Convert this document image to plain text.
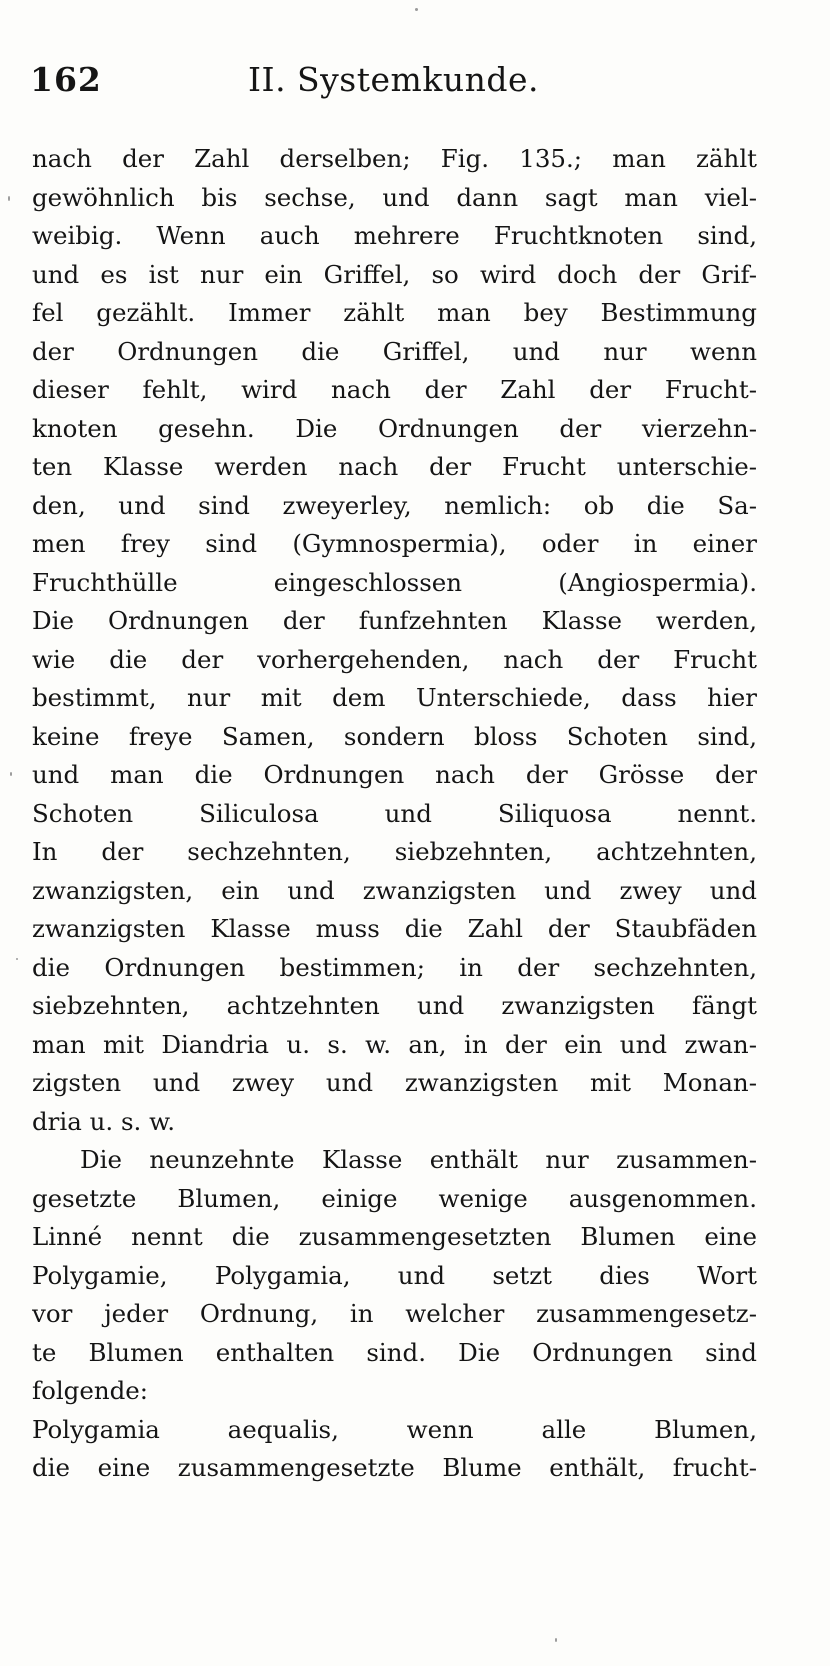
162	II. Systemkunde.
nach der Zahl derselben; Fig. 135.; man zählt
gewöhnlich bis sechse, und dann sagt man viel-
weibig. Wenn auch mehrere Fruchtknoten sind,
und es ist nur ein Griffel, so wird doch der Grif-
fel gezählt. Immer zählt man bey Bestimmung
der Ordnungen die Griffel, und nur wenn
dieser fehlt, wird nach der Zahl der Frucht-
knoten gesehn. Die Ordnungen der vierzehn-
ten Klasse werden nach der Frucht unterschie-
den, und sind zweyerley, nemlich: ob die Sa-
men frey sind (Gymnospermia), oder in einer
Fruchthülle eingeschlossen (Angiospermia).
Die Ordnungen der funfzehnten Klasse werden,
wie die der vorhergehenden, nach der Frucht
bestimmt, nur mit dem Unterschiede, dass hier
keine freye Samen, sondern bloss Schoten sind,
und man die Ordnungen nach der Grösse der
Schoten Siliculosa und Siliquosa nennt.
In der sechzehnten, siebzehnten, achtzehnten,
zwanzigsten, ein und zwanzigsten und zwey und
zwanzigsten Klasse muss die Zahl der Staubfäden
die Ordnungen bestimmen; in der sechzehnten,
siebzehnten, achtzehnten und zwanzigsten fängt
man mit Diandria u. s. w. an, in der ein und zwan-
zigsten und zwey und zwanzigsten mit Monan-
dria u. s. w.
Die neunzehnte Klasse enthält nur zusammen-
gesetzte Blumen, einige wenige ausgenommen.
Linné nennt die zusammengesetzten Blumen eine
Polygamie, Polygamia, und setzt dies Wort
vor jeder Ordnung, in welcher zusammengesetz-
te Blumen enthalten sind. Die Ordnungen sind
folgende:
Polygamia aequalis, wenn alle Blumen,
die eine zusammengesetzte Blume enthält, frucht-
